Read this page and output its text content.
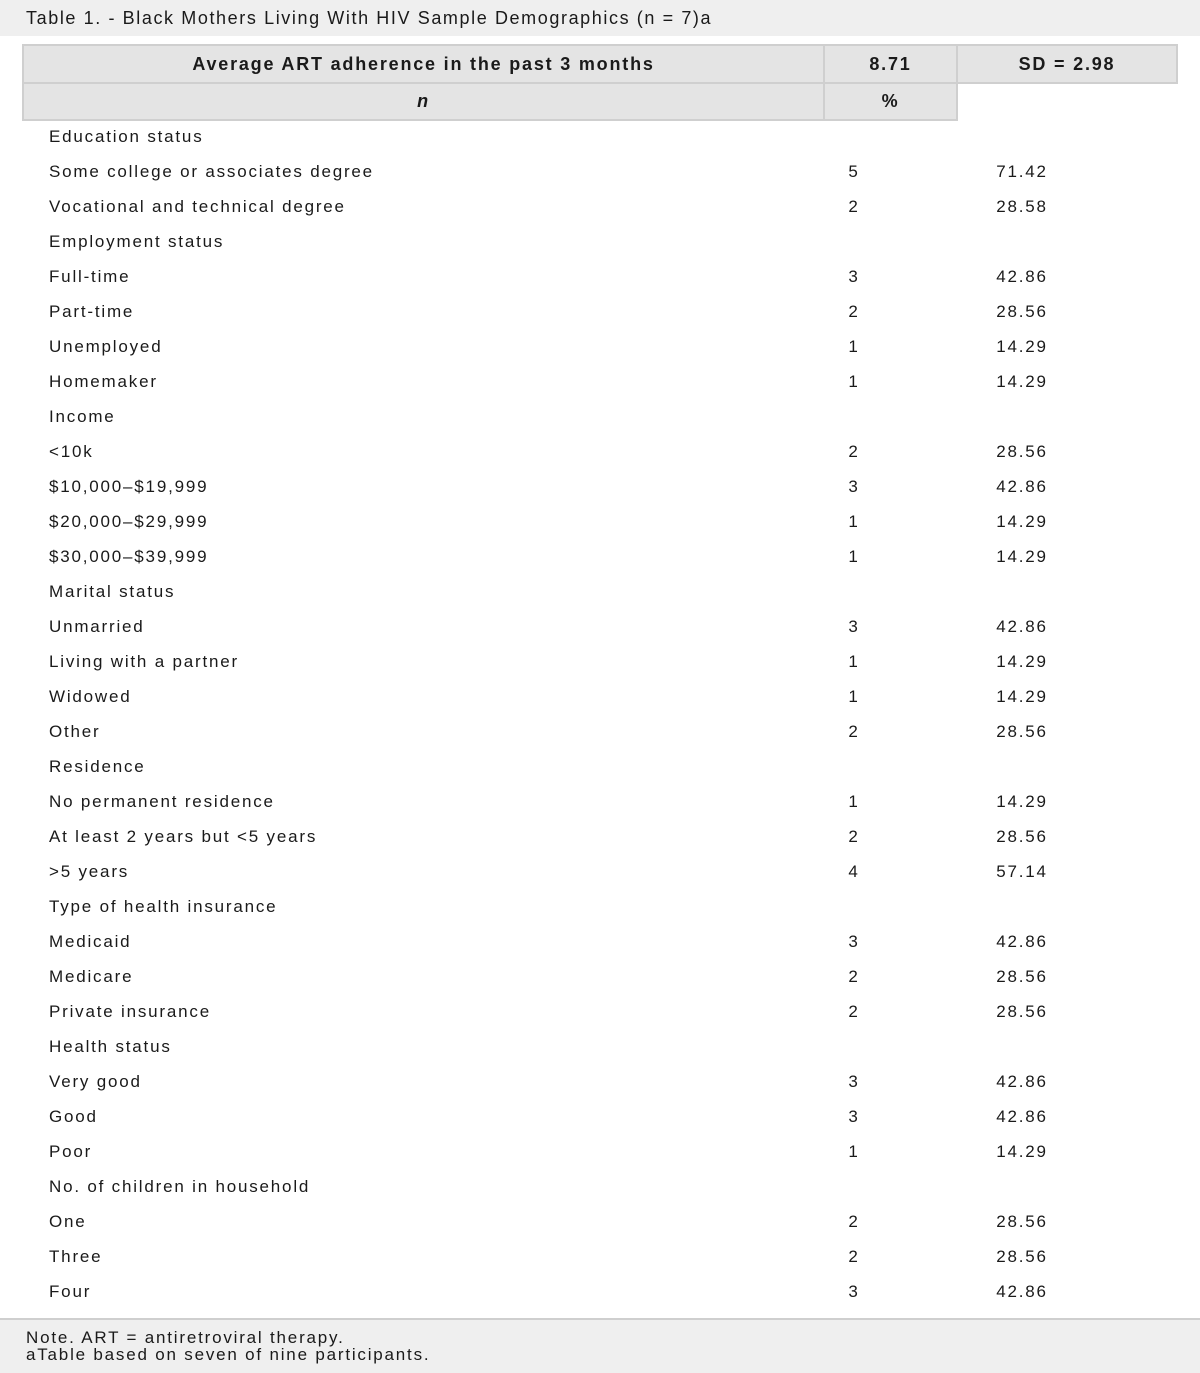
Table 1. - Black Mothers Living With HIV Sample Demographics (n = 7)a
Average ART adherence in the past 3 months	8.71	SD = 2.98
n	%
Education status
Some college or associates degree	5	71.42
Vocational and technical degree	2	28.58
Employment status
Full-time	3	42.86
Part-time	2	28.56
Unemployed	1	14.29
Homemaker	1	14.29
Income
<10k	2	28.56
$10,000–$19,999	3	42.86
$20,000–$29,999	1	14.29
$30,000–$39,999	1	14.29
Marital status
Unmarried	3	42.86
Living with a partner	1	14.29
Widowed	1	14.29
Other	2	28.56
Residence
No permanent residence	1	14.29
At least 2 years but <5 years	2	28.56
>5 years	4	57.14
Type of health insurance
Medicaid	3	42.86
Medicare	2	28.56
Private insurance	2	28.56
Health status
Very good	3	42.86
Good	3	42.86
Poor	1	14.29
No. of children in household
One	2	28.56
Three	2	28.56
Four	3	42.86
Note. ART = antiretroviral therapy.
aTable based on seven of nine participants.
